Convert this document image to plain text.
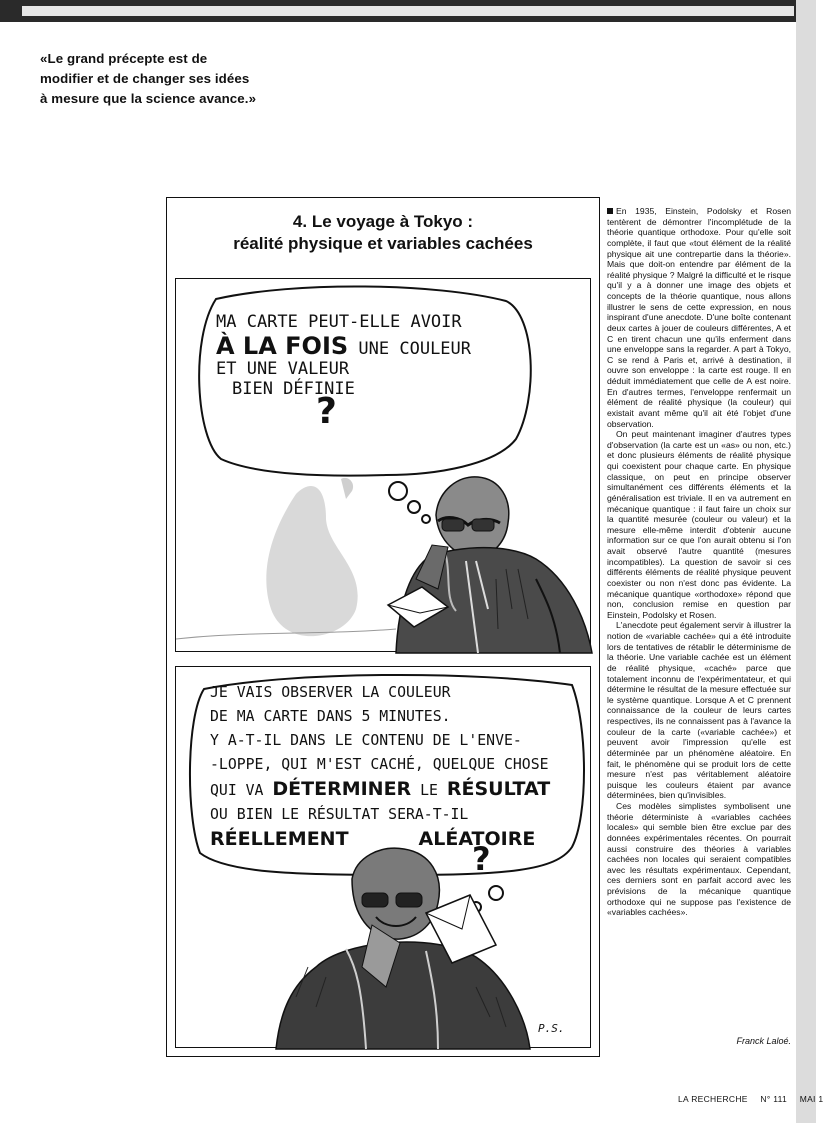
«Le grand précepte est de
modifier et de changer ses idées
à mesure que la science avance.»
4. Le voyage à Tokyo :
réalité physique et variables cachées
MA CARTE PEUT-ELLE AVOIR
À LA FOIS UNE COULEUR
ET UNE VALEUR
BIEN DÉFINIE
?
JE VAIS OBSERVER LA COULEUR
DE MA CARTE DANS 5 MINUTES.
Y A-T-IL DANS LE CONTENU DE L'ENVE-
-LOPPE, QUI M'EST CACHÉ, QUELQUE CHOSE
QUI VA DÉTERMINER LE RÉSULTAT
OU BIEN LE RÉSULTAT SERA-T-IL
RÉELLEMENT	ALÉATOIRE
?
P.S.

En 1935, Einstein, Podolsky et Rosen tentèrent de démontrer l'incomplétude de la théorie quantique orthodoxe. Pour qu'elle soit complète, il faut que «tout élément de la réalité physique ait une contrepartie dans la théorie». Mais que doit-on entendre par élément de la réalité physique ? Malgré la difficulté et le risque qu'il y a à donner une image des objets et concepts de la théorie quantique, nous allons illustrer le sens de cette expression, en nous inspirant d'une anecdote. D'une boîte contenant deux cartes à jouer de couleurs différentes, A et C en tirent chacun une qu'ils enferment dans une enveloppe sans la regarder. A part à Tokyo, C se rend à Paris et, arrivé à destination, il ouvre son enveloppe : la carte est rouge. Il en déduit immédiatement que celle de A est noire. En d'autres termes, l'enveloppe renfermait un élément de réalité physique (la couleur) qui existait avant même qu'il ait été l'objet d'une observation.

On peut maintenant imaginer d'autres types d'observation (la carte est un «as» ou non, etc.) et donc plusieurs éléments de réalité physique qui coexistent pour chaque carte. En physique classique, on peut en principe observer simultanément ces différents éléments et la généralisation est triviale. Il en va autrement en mécanique quantique : il faut faire un choix sur la quantité mesurée (couleur ou valeur) et la mesure elle-même interdit d'obtenir aucune information sur ce que l'on aurait obtenu si l'on avait observé l'autre quantité (mesures incompatibles). La question de savoir si ces différents éléments de réalité physique peuvent coexister ou non n'est donc pas évidente. La mécanique quantique «orthodoxe» répond que non, conclusion remise en question par Einstein, Podolsky et Rosen.

L'anecdote peut également servir à illustrer la notion de «variable cachée» qui a été introduite lors de tentatives de rétablir le déterminisme de la théorie. Une variable cachée est un élément de réalité physique, «caché» parce que totalement inconnu de l'expérimentateur, et qui détermine le résultat de la mesure effectuée sur le système quantique. Lorsque A et C prennent connaissance de la couleur de leurs cartes respectives, ils ne connaissent pas à l'avance la couleur de la carte («variable cachée») et peuvent avoir l'impression qu'elle est déterminée par un phénomène aléatoire. En fait, le phénomène qui se produit lors de cette mesure n'est pas véritablement aléatoire puisque les couleurs étaient par avance déterminées, bien qu'invisibles.

Ces modèles simplistes symbolisent une théorie déterministe à «variables cachées locales» qui semble bien être exclue par des données expérimentales récentes. On pourrait aussi construire des théories à variables cachées non locales qui seraient compatibles avec les résultats expérimentaux. Cependant, ces derniers sont en parfait accord avec les prévisions de la mécanique quantique orthodoxe qui ne suppose pas l'existence de «variables cachées».

Franck Laloé.
LA RECHERCHE N° 111 MAI 1
